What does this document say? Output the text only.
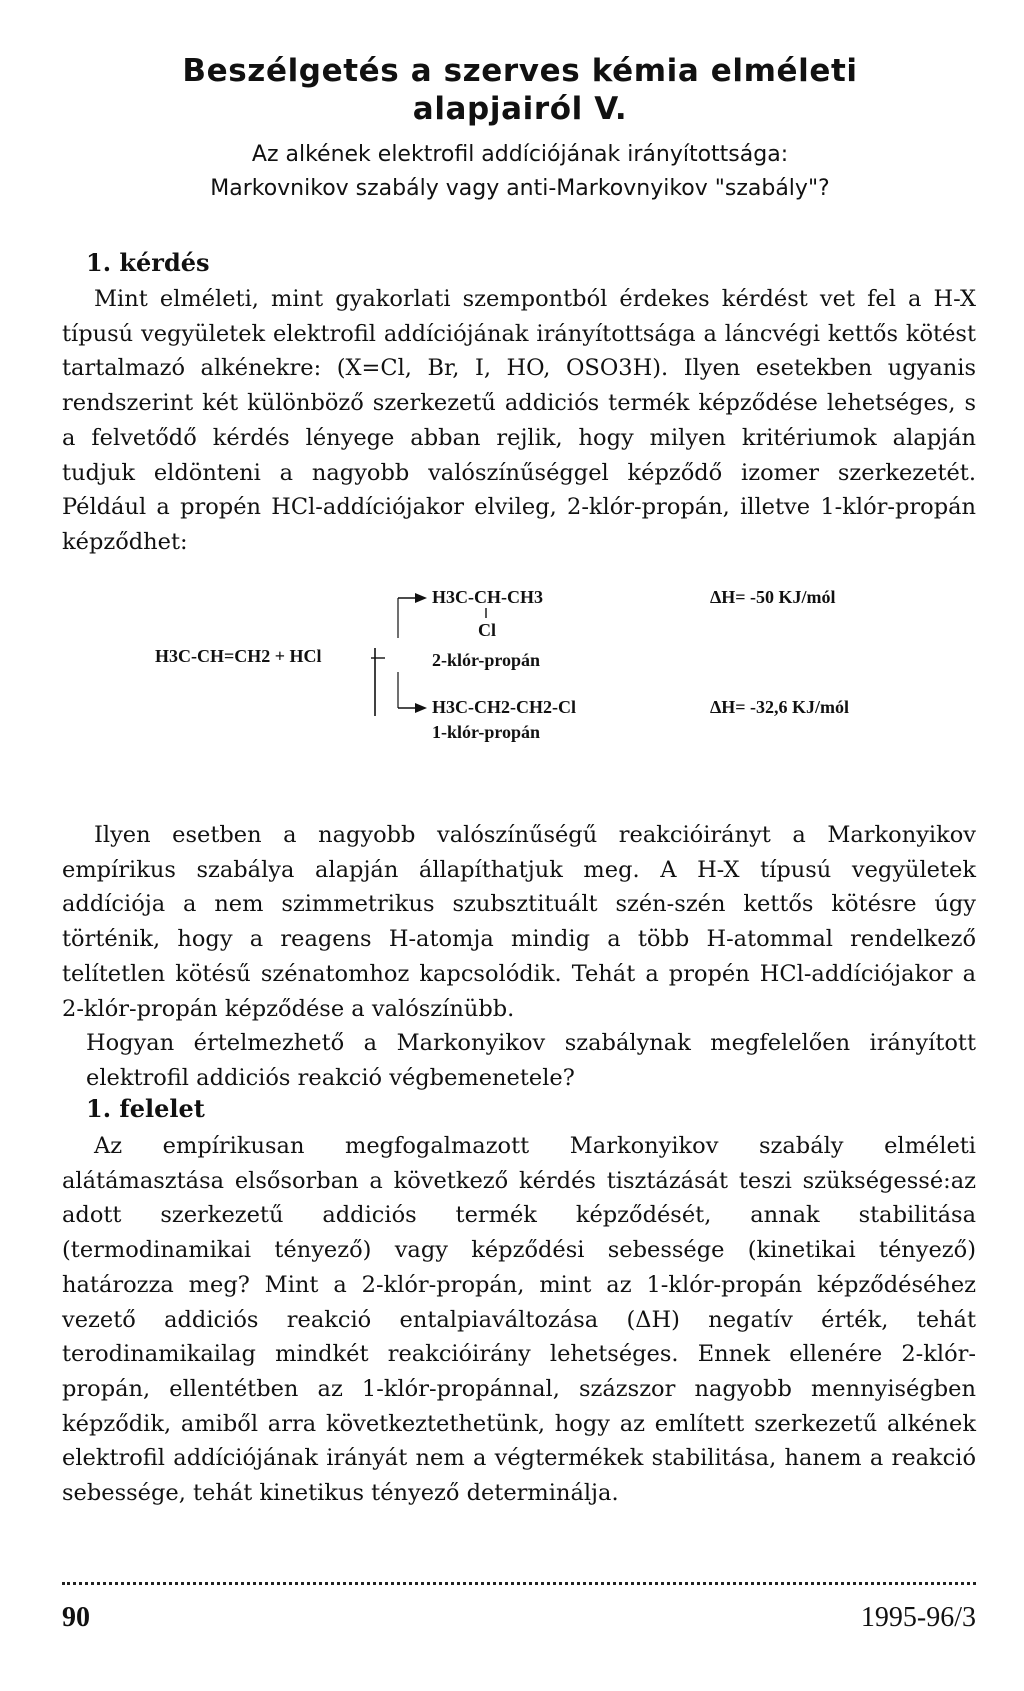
Beszélgetés a szerves kémia elméleti alapjairól V.
Az alkének elektrofil addíciójának irányítottsága:
Markovnikov szabály vagy anti-Markovnyikov "szabály"?
1. kérdés

Mint elméleti, mint gyakorlati szempontból érdekes kérdést vet fel a H-X típusú vegyületek elektrofil addíciójának irányítottsága a láncvégi kettős kötést tartalmazó alkénekre: (X=Cl, Br, I, HO, OSO3H). Ilyen esetekben ugyanis rendszerint két különböző szerkezetű addiciós termék képződése lehetséges, s a felvetődő kérdés lényege abban rejlik, hogy milyen kritériumok alapján tudjuk eldönteni a nagyobb valószínűséggel képződő izomer szerkezetét. Például a propén HCl-addíciójakor elvileg, 2-klór-propán, illetve 1-klór-propán képződhet:

H3C-CH=CH2 + HCl
H3C-CH-CH3
Cl
2-klór-propán
ΔH= -50 KJ/mól
H3C-CH2-CH2-Cl
1-klór-propán
ΔH= -32,6 KJ/mól

Ilyen esetben a nagyobb valószínűségű reakcióirányt a Markonyikov empírikus szabálya alapján állapíthatjuk meg. A H-X típusú vegyületek addíciója a nem szimmetrikus szubsztituált szén-szén kettős kötésre úgy történik, hogy a reagens H-atomja mindig a több H-atommal rendelkező telítetlen kötésű szénatomhoz kapcsolódik. Tehát a propén HCl-addíciójakor a 2-klór-propán képződése a valószínübb.

Hogyan értelmezhető a Markonyikov szabálynak megfelelően irányított elektrofil addiciós reakció végbemenetele?

1. felelet

Az empírikusan megfogalmazott Markonyikov szabály elméleti alátámasztása elsősorban a következő kérdés tisztázását teszi szükségessé:az adott szerkezetű addiciós termék képződését, annak stabilitása (termodinamikai tényező) vagy képződési sebessége (kinetikai tényező) határozza meg? Mint a 2-klór-propán, mint az 1-klór-propán képződéséhez vezető addiciós reakció entalpiaváltozása (ΔH) negatív érték, tehát terodinamikailag mindkét reakcióirány lehetséges. Ennek ellenére 2-klór-propán, ellentétben az 1-klór-propánnal, százszor nagyobb mennyiségben képződik, amiből arra következtethetünk, hogy az említett szerkezetű alkének elektrofil addíciójának irányát nem a végtermékek stabilitása, hanem a reakció sebessége, tehát kinetikus tényező determinálja.

90	1995-96/3
